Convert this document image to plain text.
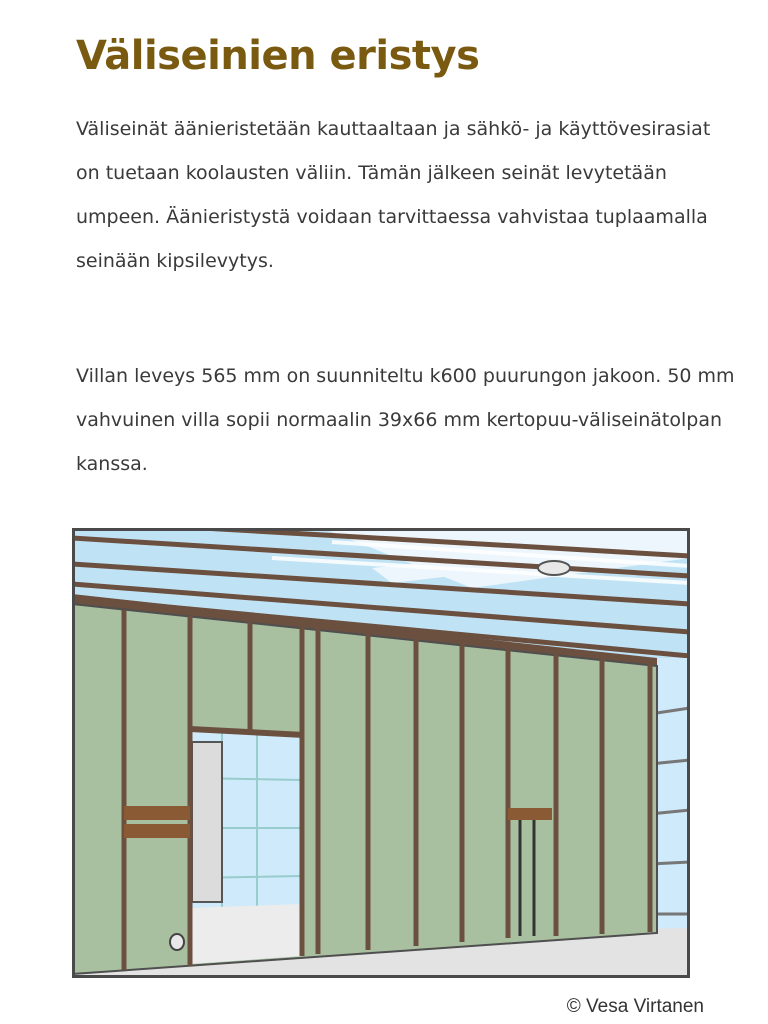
Väliseinien eristys

Väliseinät äänieristetään kauttaaltaan ja sähkö- ja käyttövesirasiat on tuetaan koolausten väliin. Tämän jälkeen seinät levytetään umpeen. Äänieristystä voidaan tarvittaessa vahvistaa tuplaamalla seinään kipsilevytys.

Villan leveys 565 mm on suunniteltu k600 puurungon jakoon. 50 mm vahvuinen villa sopii normaalin 39x66 mm kertopuu-väliseinätolpan kanssa.

© Vesa Virtanen
